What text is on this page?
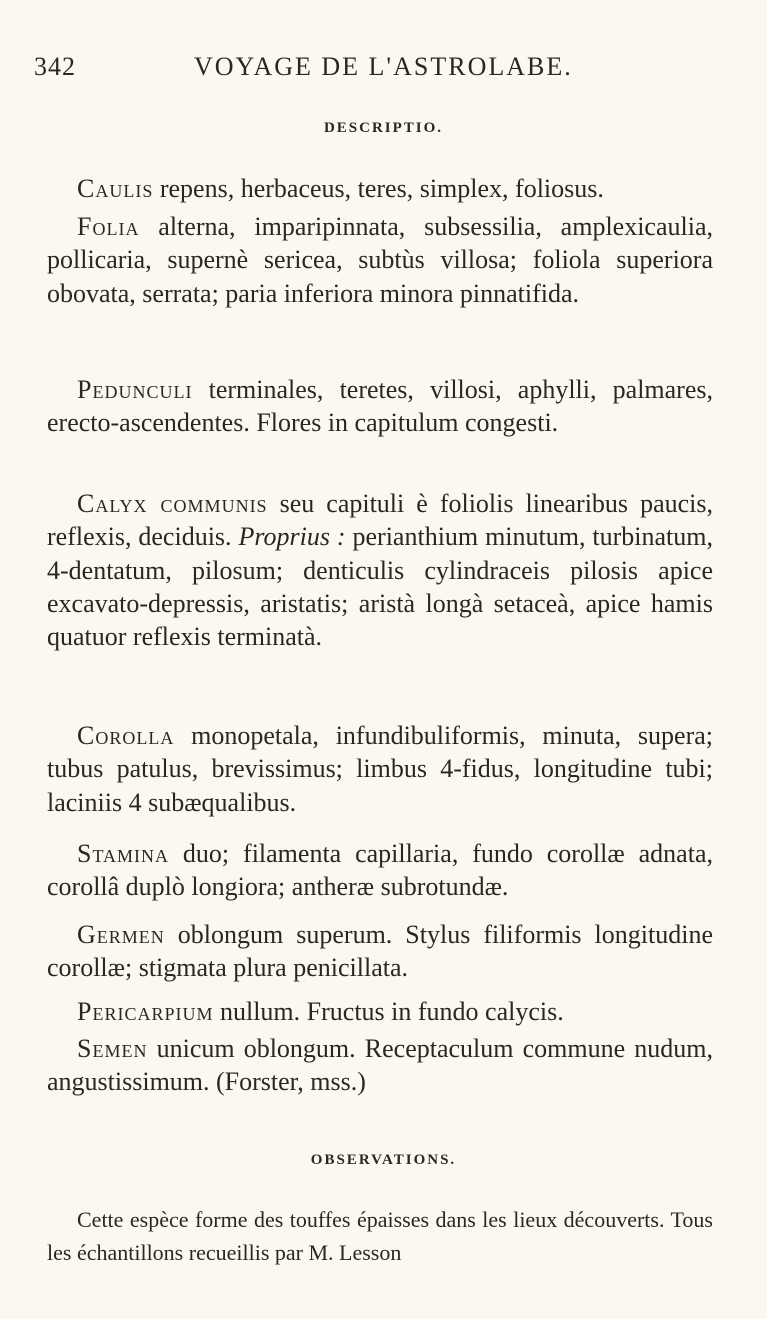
342	VOYAGE DE L'ASTROLABE.
DESCRIPTIO.

Caulis repens, herbaceus, teres, simplex, foliosus.

Folia alterna, imparipinnata, subsessilia, amplexicaulia, pollicaria, supernè sericea, subtùs villosa; foliola superiora obovata, serrata; paria inferiora minora pinnatifida.

Pedunculi terminales, teretes, villosi, aphylli, palmares, erecto-ascendentes. Flores in capitulum congesti.

Calyx communis seu capituli è foliolis linearibus paucis, reflexis, deciduis. Proprius : perianthium minutum, turbinatum, 4-dentatum, pilosum; denticulis cylindraceis pilosis apice excavato-depressis, aristatis; aristà longà setaceà, apice hamis quatuor reflexis terminatà.

Corolla monopetala, infundibuliformis, minuta, supera; tubus patulus, brevissimus; limbus 4-fidus, longitudine tubi; laciniis 4 subæqualibus.

Stamina duo; filamenta capillaria, fundo corollæ adnata, corollâ duplò longiora; antheræ subrotundæ.

Germen oblongum superum. Stylus filiformis longitudine corollæ; stigmata plura penicillata.

Pericarpium nullum. Fructus in fundo calycis.

Semen unicum oblongum. Receptaculum commune nudum, angustissimum. (Forster, mss.)

OBSERVATIONS.

Cette espèce forme des touffes épaisses dans les lieux découverts. Tous les échantillons recueillis par M. Lesson
